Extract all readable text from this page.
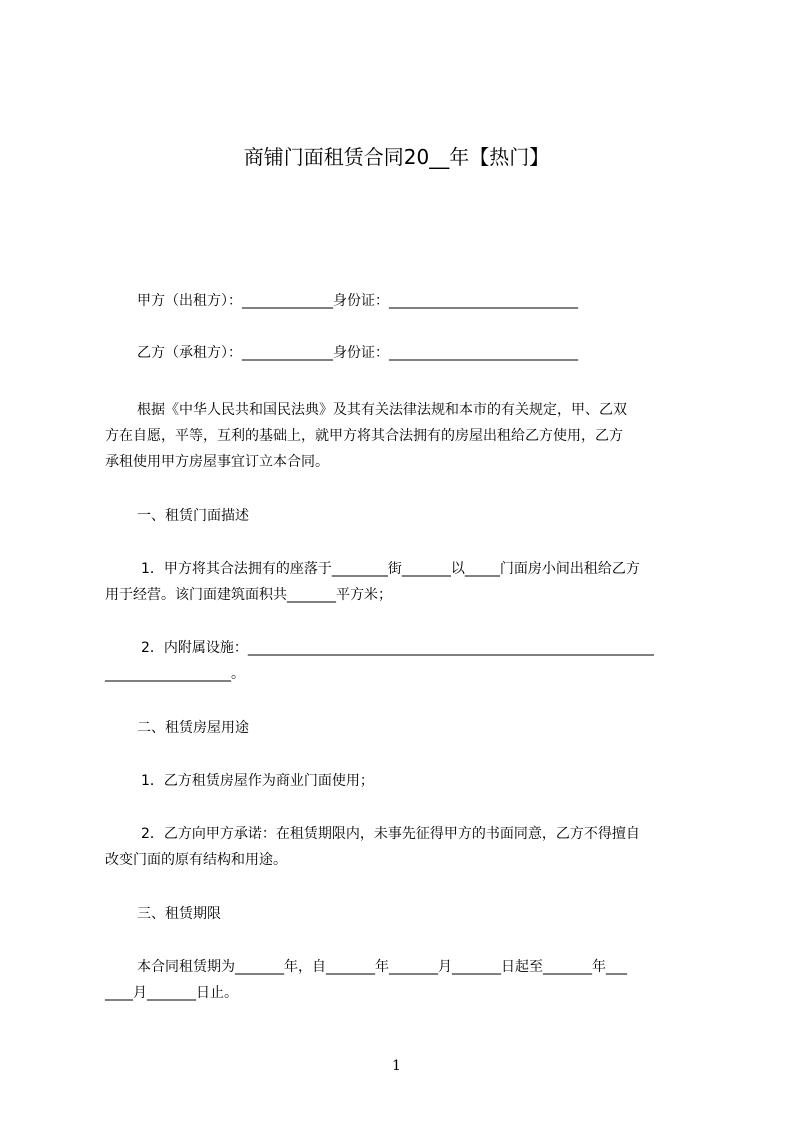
商铺门面租赁合同20__年【热门】
甲方（出租方）：_____________身份证：___________________________
乙方（承租方）：_____________身份证：___________________________
根据《中华人民共和国民法典》及其有关法律法规和本市的有关规定，甲、乙双
方在自愿，平等，互利的基础上，就甲方将其合法拥有的房屋出租给乙方使用，乙方
承租使用甲方房屋事宜订立本合同。
一、租赁门面描述
1．甲方将其合法拥有的座落于________街_______以_____门面房小间出租给乙方
用于经营。该门面建筑面积共_______平方米；
2．内附属设施：__________________________________________________________
__________________。
二、租赁房屋用途
1．乙方租赁房屋作为商业门面使用；
2．乙方向甲方承诺：在租赁期限内，未事先征得甲方的书面同意，乙方不得擅自
改变门面的原有结构和用途。
三、租赁期限
本合同租赁期为_______年，自_______年_______月_______日起至_______年___
____月_______日止。
1
